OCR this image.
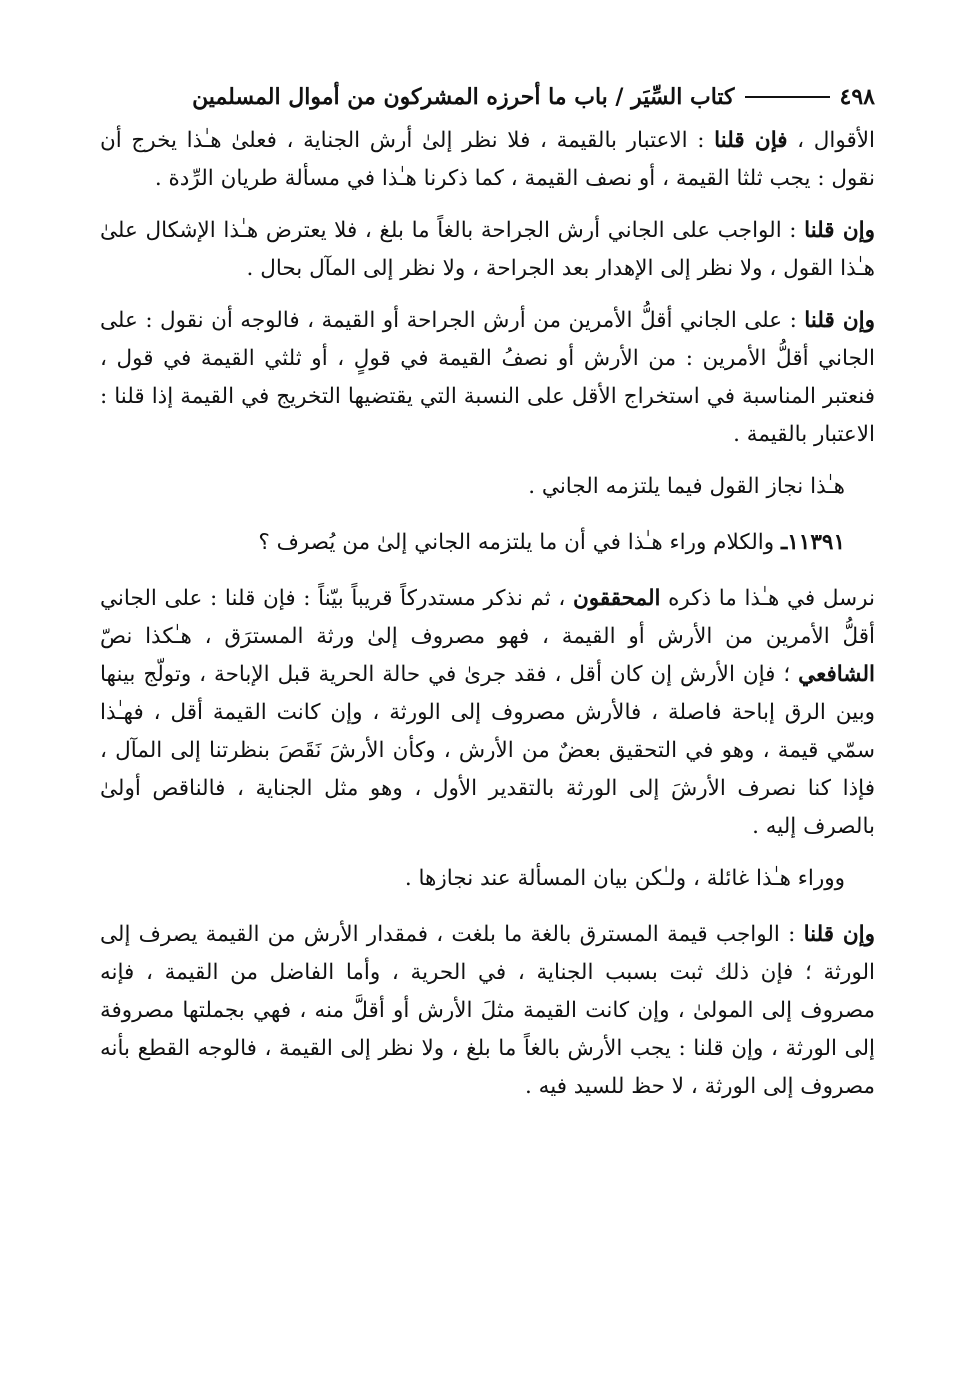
٤٩٨
كتاب السِّيَر / باب ما أحرزه المشركون من أموال المسلمين

الأقوال ، فإن قلنا : الاعتبار بالقيمة ، فلا نظر إلىٰ أرش الجناية ، فعلىٰ هـٰذا يخرج أن نقول : يجب ثلثا القيمة ، أو نصف القيمة ، كما ذكرنا هـٰذا في مسألة طريان الرِّدة .

وإن قلنا : الواجب على الجاني أرش الجراحة بالغاً ما بلغ ، فلا يعترض هـٰذا الإشكال علىٰ هـٰذا القول ، ولا نظر إلى الإهدار بعد الجراحة ، ولا نظر إلى المآل بحال .

وإن قلنا : على الجاني أقلُّ الأمرين من أرش الجراحة أو القيمة ، فالوجه أن نقول : على الجاني أقلُّ الأمرين : من الأرش أو نصفُ القيمة في قولٍ ، أو ثلثي القيمة في قول ، فنعتبر المناسبة في استخراج الأقل على النسبة التي يقتضيها التخريج في القيمة إذا قلنا : الاعتبار بالقيمة .

هـٰذا نجاز القول فيما يلتزمه الجاني .

١١٣٩١ـ والكلام وراء هـٰذا في أن ما يلتزمه الجاني إلىٰ من يُصرف ؟

نرسل في هـٰذا ما ذكره المحققون ، ثم نذكر مستدركاً قريباً بيّناً : فإن قلنا : على الجاني أقلُّ الأمرين من الأرش أو القيمة ، فهو مصروف إلىٰ ورثة المسترَق ، هـٰكذا نصّ الشافعي ؛ فإن الأرش إن كان أقل ، فقد جرىٰ في حالة الحرية قبل الإباحة ، وتولّج بينها وبين الرق إباحة فاصلة ، فالأرش مصروف إلى الورثة ، وإن كانت القيمة أقل ، فهـٰذا سمّي قيمة ، وهو في التحقيق بعضٌ من الأرش ، وكأن الأرشَ نَقَصَ بنظرتنا إلى المآل ، فإذا كنا نصرف الأرشَ إلى الورثة بالتقدير الأول ، وهو مثل الجناية ، فالناقص أولىٰ بالصرف إليه .

ووراء هـٰذا غائلة ، ولـٰكن بيان المسألة عند نجازها .

وإن قلنا : الواجب قيمة المسترق بالغة ما بلغت ، فمقدار الأرش من القيمة يصرف إلى الورثة ؛ فإن ذلك ثبت بسبب الجناية ، في الحرية ، وأما الفاضل من القيمة ، فإنه مصروف إلى المولىٰ ، وإن كانت القيمة مثلَ الأرش أو أقلَّ منه ، فهي بجملتها مصروفة إلى الورثة ، وإن قلنا : يجب الأرش بالغاً ما بلغ ، ولا نظر إلى القيمة ، فالوجه القطع بأنه مصروف إلى الورثة ، لا حظ للسيد فيه .
